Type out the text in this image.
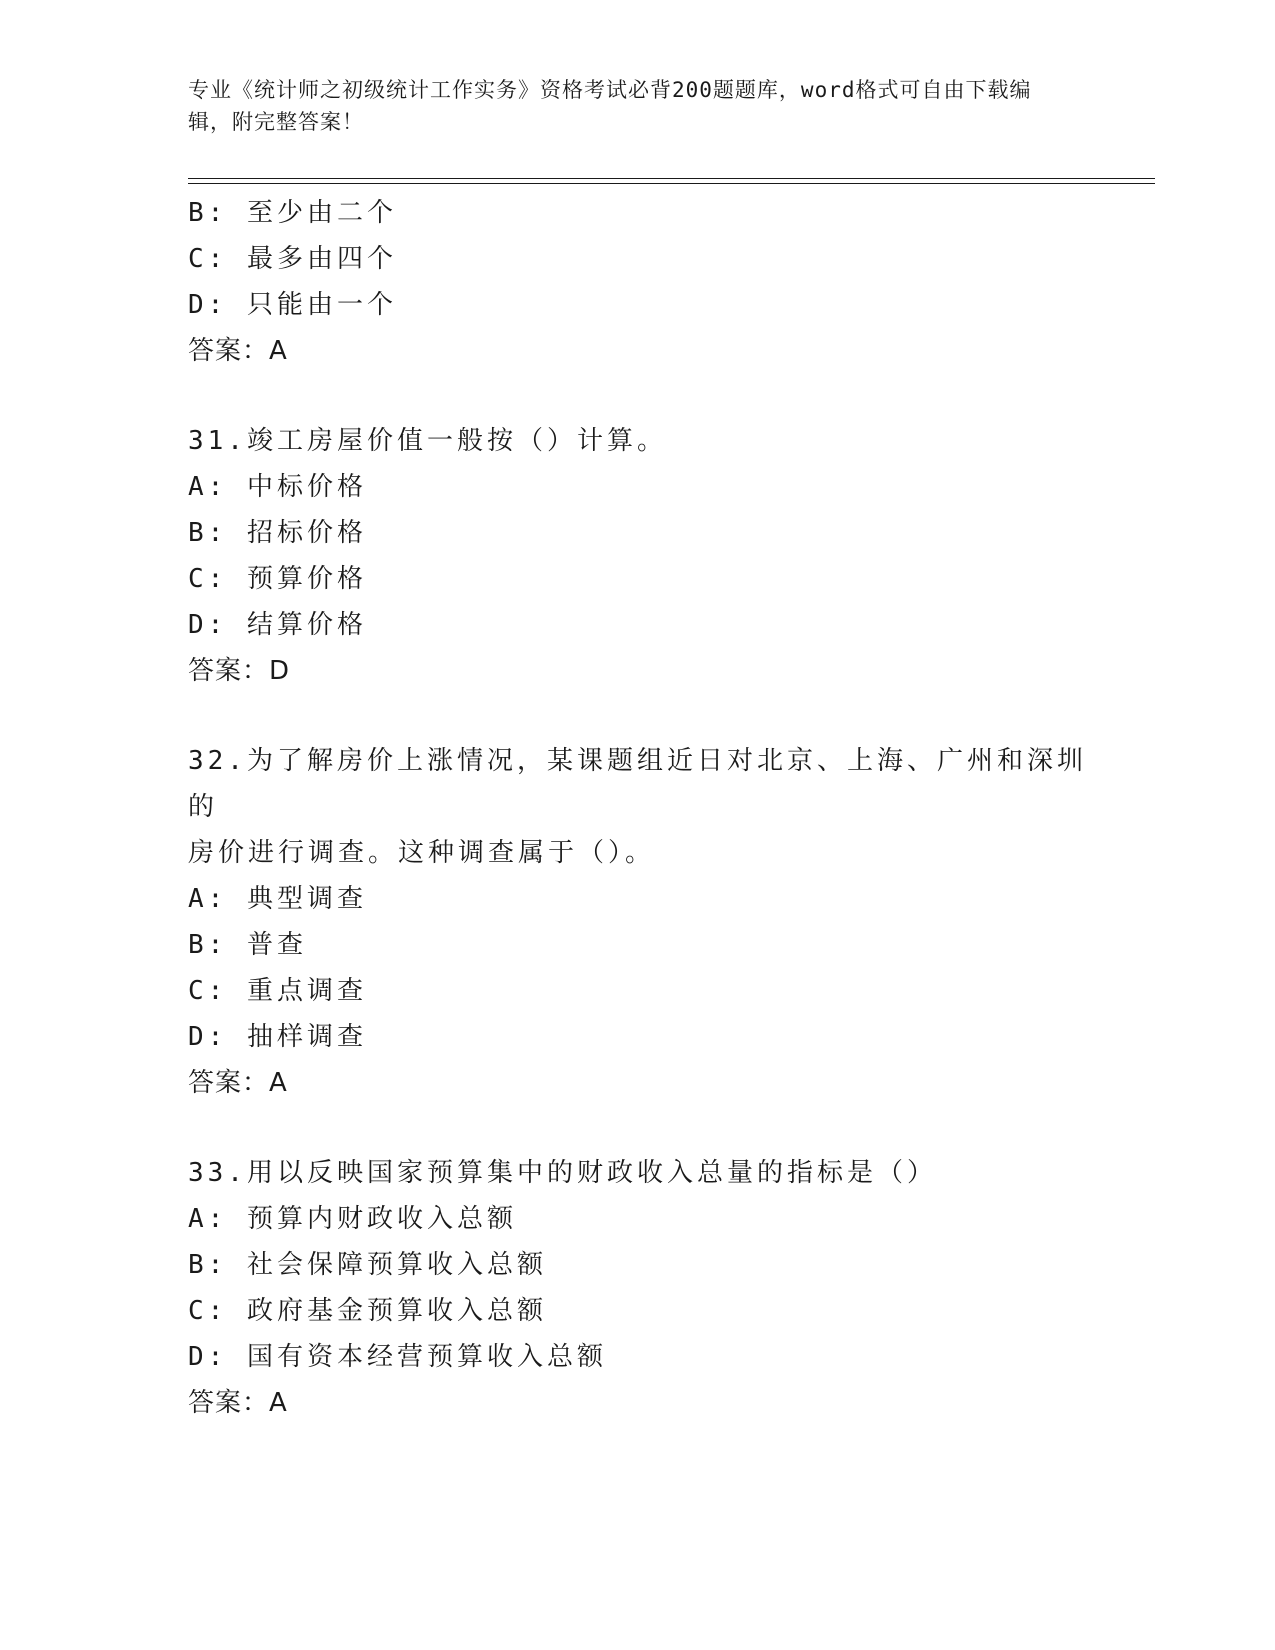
专业《统计师之初级统计工作实务》资格考试必背200题题库，word格式可自由下载编辑，附完整答案！
B: 至少由二个
C: 最多由四个
D: 只能由一个
答案：A
31.竣工房屋价值一般按（）计算。
A: 中标价格
B: 招标价格
C: 预算价格
D: 结算价格
答案：D
32.为了解房价上涨情况，某课题组近日对北京、上海、广州和深圳的
房价进行调查。这种调查属于（）。
A: 典型调查
B: 普查
C: 重点调查
D: 抽样调查
答案：A
33.用以反映国家预算集中的财政收入总量的指标是（）
A: 预算内财政收入总额
B: 社会保障预算收入总额
C: 政府基金预算收入总额
D: 国有资本经营预算收入总额
答案：A
